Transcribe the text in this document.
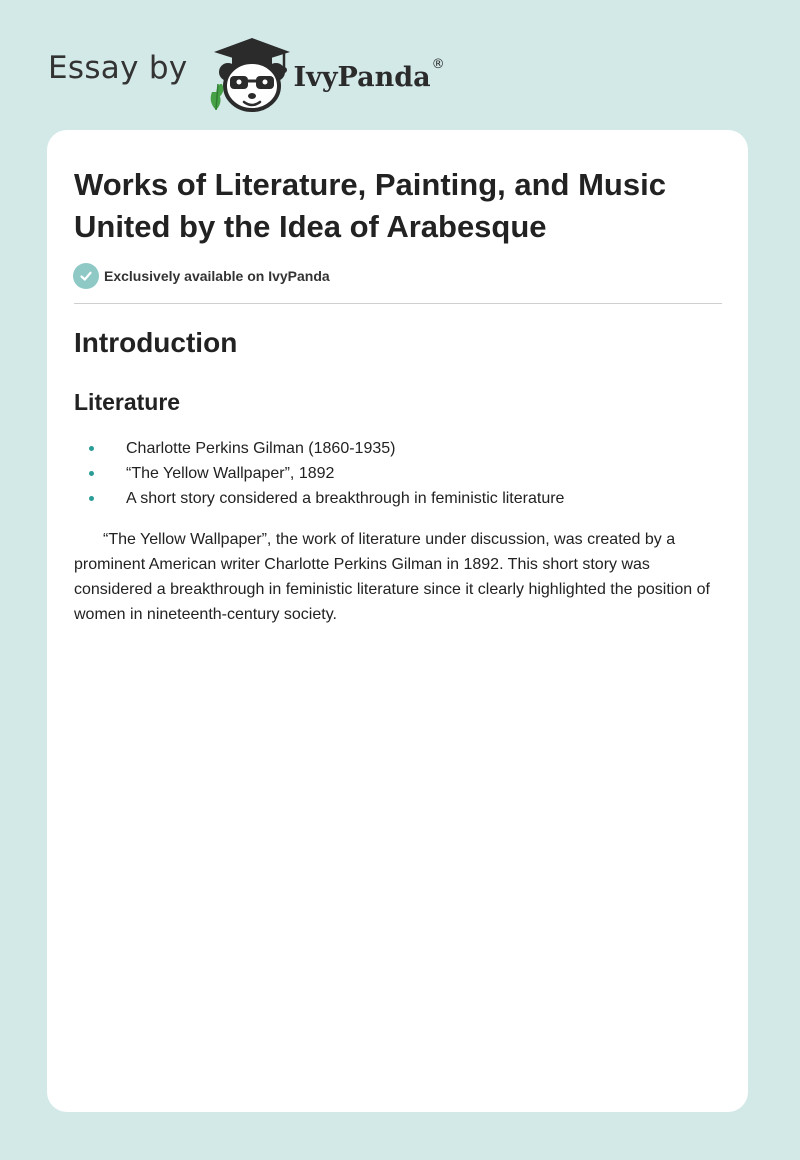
Essay by	IvyPanda ®
Works of Literature, Painting, and Music United by the Idea of Arabesque
Exclusively available on IvyPanda
Introduction
Literature
Charlotte Perkins Gilman (1860-1935)
“The Yellow Wallpaper”, 1892
A short story considered a breakthrough in feministic literature

“The Yellow Wallpaper”, the work of literature under discussion, was created by a prominent American writer Charlotte Perkins Gilman in 1892. This short story was considered a breakthrough in feministic literature since it clearly highlighted the position of women in nineteenth-century society.
